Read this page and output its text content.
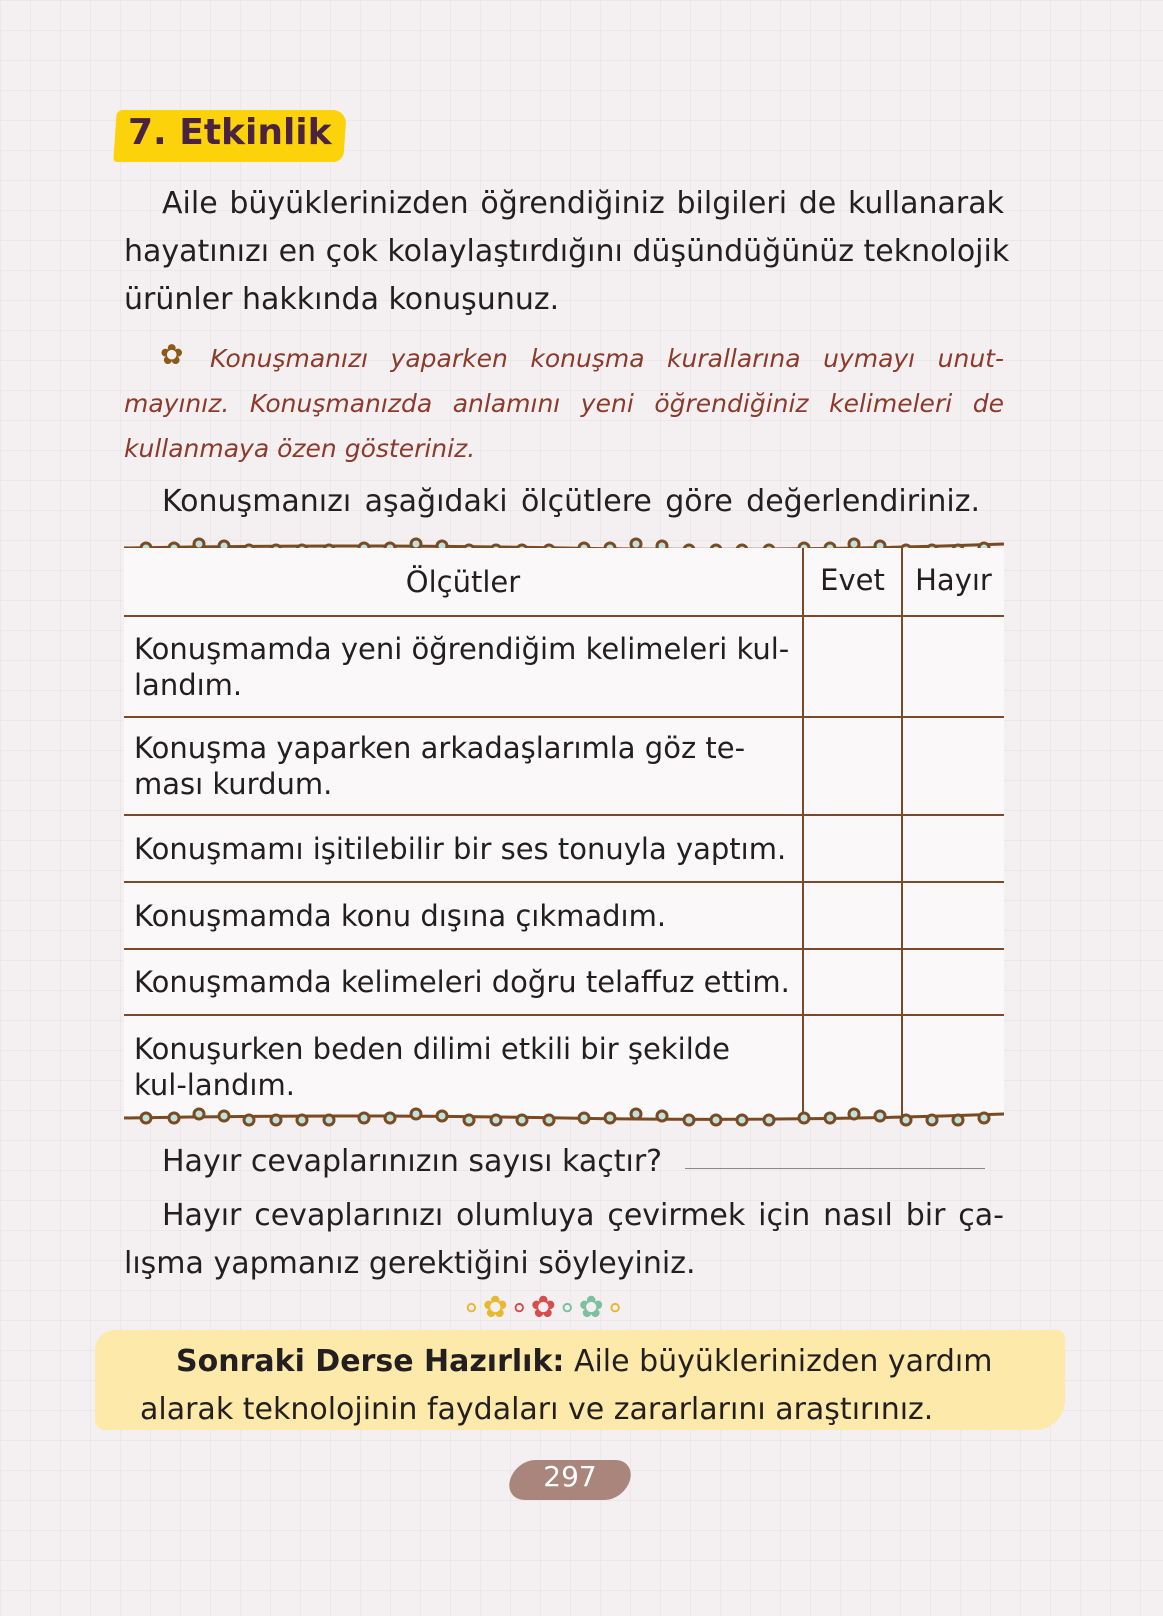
7. Etkinlik
Aile büyüklerinizden öğrendiğiniz bilgileri de kullanarak
hayatınızı en çok kolaylaştırdığını düşündüğünüz teknolojik
ürünler hakkında konuşunuz.
✿ Konuşmanızı yaparken konuşma kurallarına uymayı unut-
mayınız. Konuşmanızda anlamını yeni öğrendiğiniz kelimeleri de
kullanmaya özen gösteriniz.
Konuşmanızı aşağıdaki ölçütlere göre değerlendiriniz.
Ölçütler	Evet	Hayır
Konuşmamda yeni öğrendiğim kelimeleri kul-landım.		
Konuşma yaparken arkadaşlarımla göz te-ması kurdum.		
Konuşmamı işitilebilir bir ses tonuyla yaptım.		
Konuşmamda konu dışına çıkmadım.		
Konuşmamda kelimeleri doğru telaffuz ettim.		
Konuşurken beden dilimi etkili bir şekilde kul-landım.		
Hayır cevaplarınızın sayısı kaçtır?
Hayır cevaplarınızı olumluya çevirmek için nasıl bir ça-
lışma yapmanız gerektiğini söyleyiniz.
∘✿∘✿∘✿∘
Sonraki Derse Hazırlık: Aile büyüklerinizden yardım
alarak teknolojinin faydaları ve zararlarını araştırınız.
297
